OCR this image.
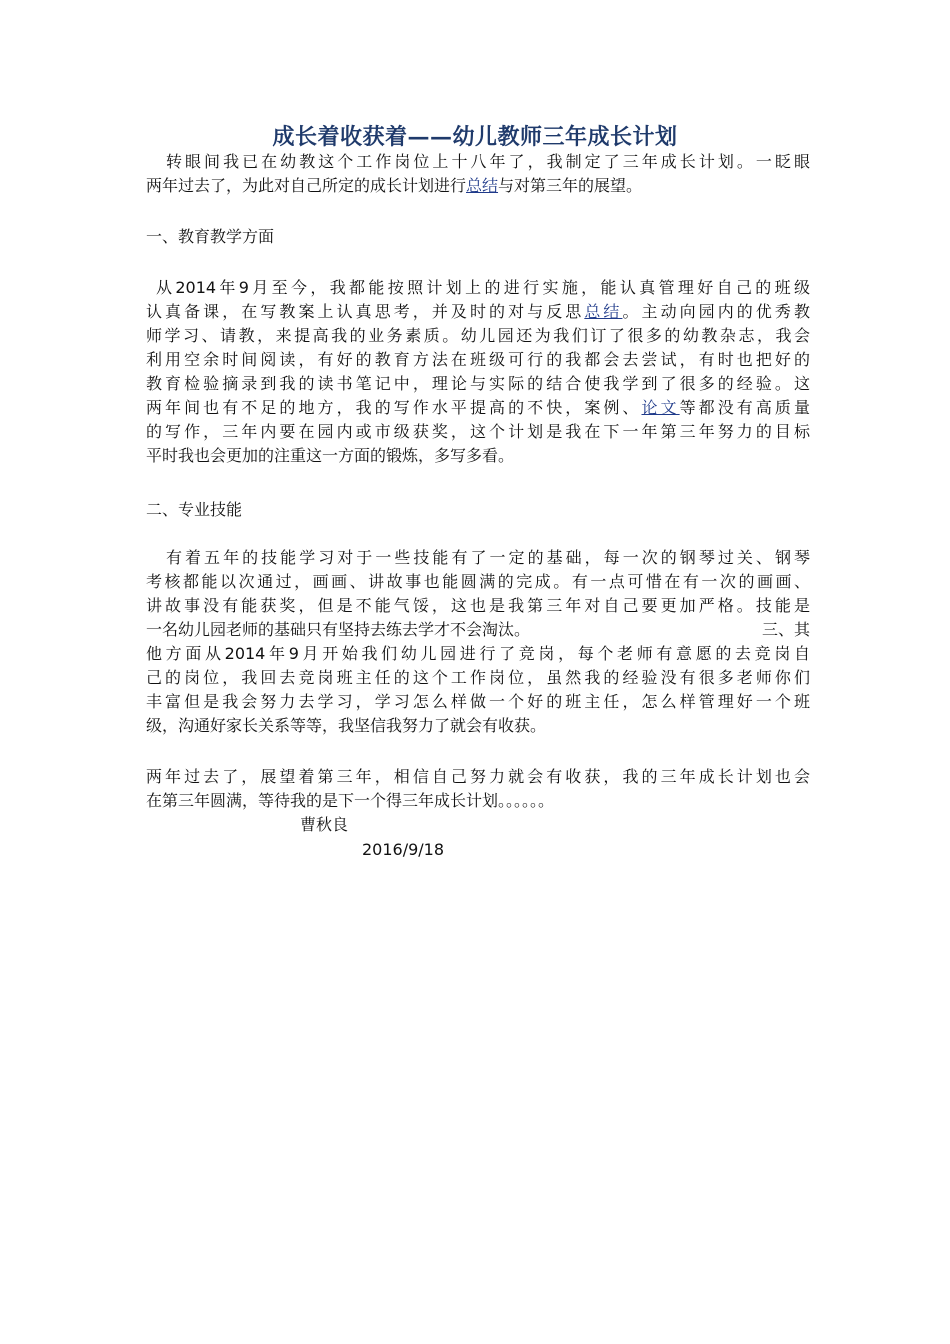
成长着收获着——幼儿教师三年成长计划
转眼间我已在幼教这个工作岗位上十八年了，我制定了三年成长计划。一眨眼
两年过去了，为此对自己所定的成长计划进行总结与对第三年的展望。
一、教育教学方面
从2014年9月至今，我都能按照计划上的进行实施，能认真管理好自己的班级
认真备课，在写教案上认真思考，并及时的对与反思总结。主动向园内的优秀教
师学习、请教，来提高我的业务素质。幼儿园还为我们订了很多的幼教杂志，我会
利用空余时间阅读，有好的教育方法在班级可行的我都会去尝试，有时也把好的
教育检验摘录到我的读书笔记中，理论与实际的结合使我学到了很多的经验。这
两年间也有不足的地方，我的写作水平提高的不快，案例、论文等都没有高质量
的写作，三年内要在园内或市级获奖，这个计划是我在下一年第三年努力的目标
平时我也会更加的注重这一方面的锻炼，多写多看。
二、专业技能
有着五年的技能学习对于一些技能有了一定的基础，每一次的钢琴过关、钢琴
考核都能以次通过，画画、讲故事也能圆满的完成。有一点可惜在有一次的画画、
讲故事没有能获奖，但是不能气馁，这也是我第三年对自己要更加严格。技能是
一名幼儿园老师的基础只有坚持去练去学才不会淘汰。	三、其
他方面从2014年9月开始我们幼儿园进行了竞岗，每个老师有意愿的去竞岗自
己的岗位，我回去竞岗班主任的这个工作岗位，虽然我的经验没有很多老师你们
丰富但是我会努力去学习，学习怎么样做一个好的班主任，怎么样管理好一个班
级，沟通好家长关系等等，我坚信我努力了就会有收获。
两年过去了，展望着第三年，相信自己努力就会有收获，我的三年成长计划也会
在第三年圆满，等待我的是下一个得三年成长计划。。。。。。
曹秋良
2016/9/18
